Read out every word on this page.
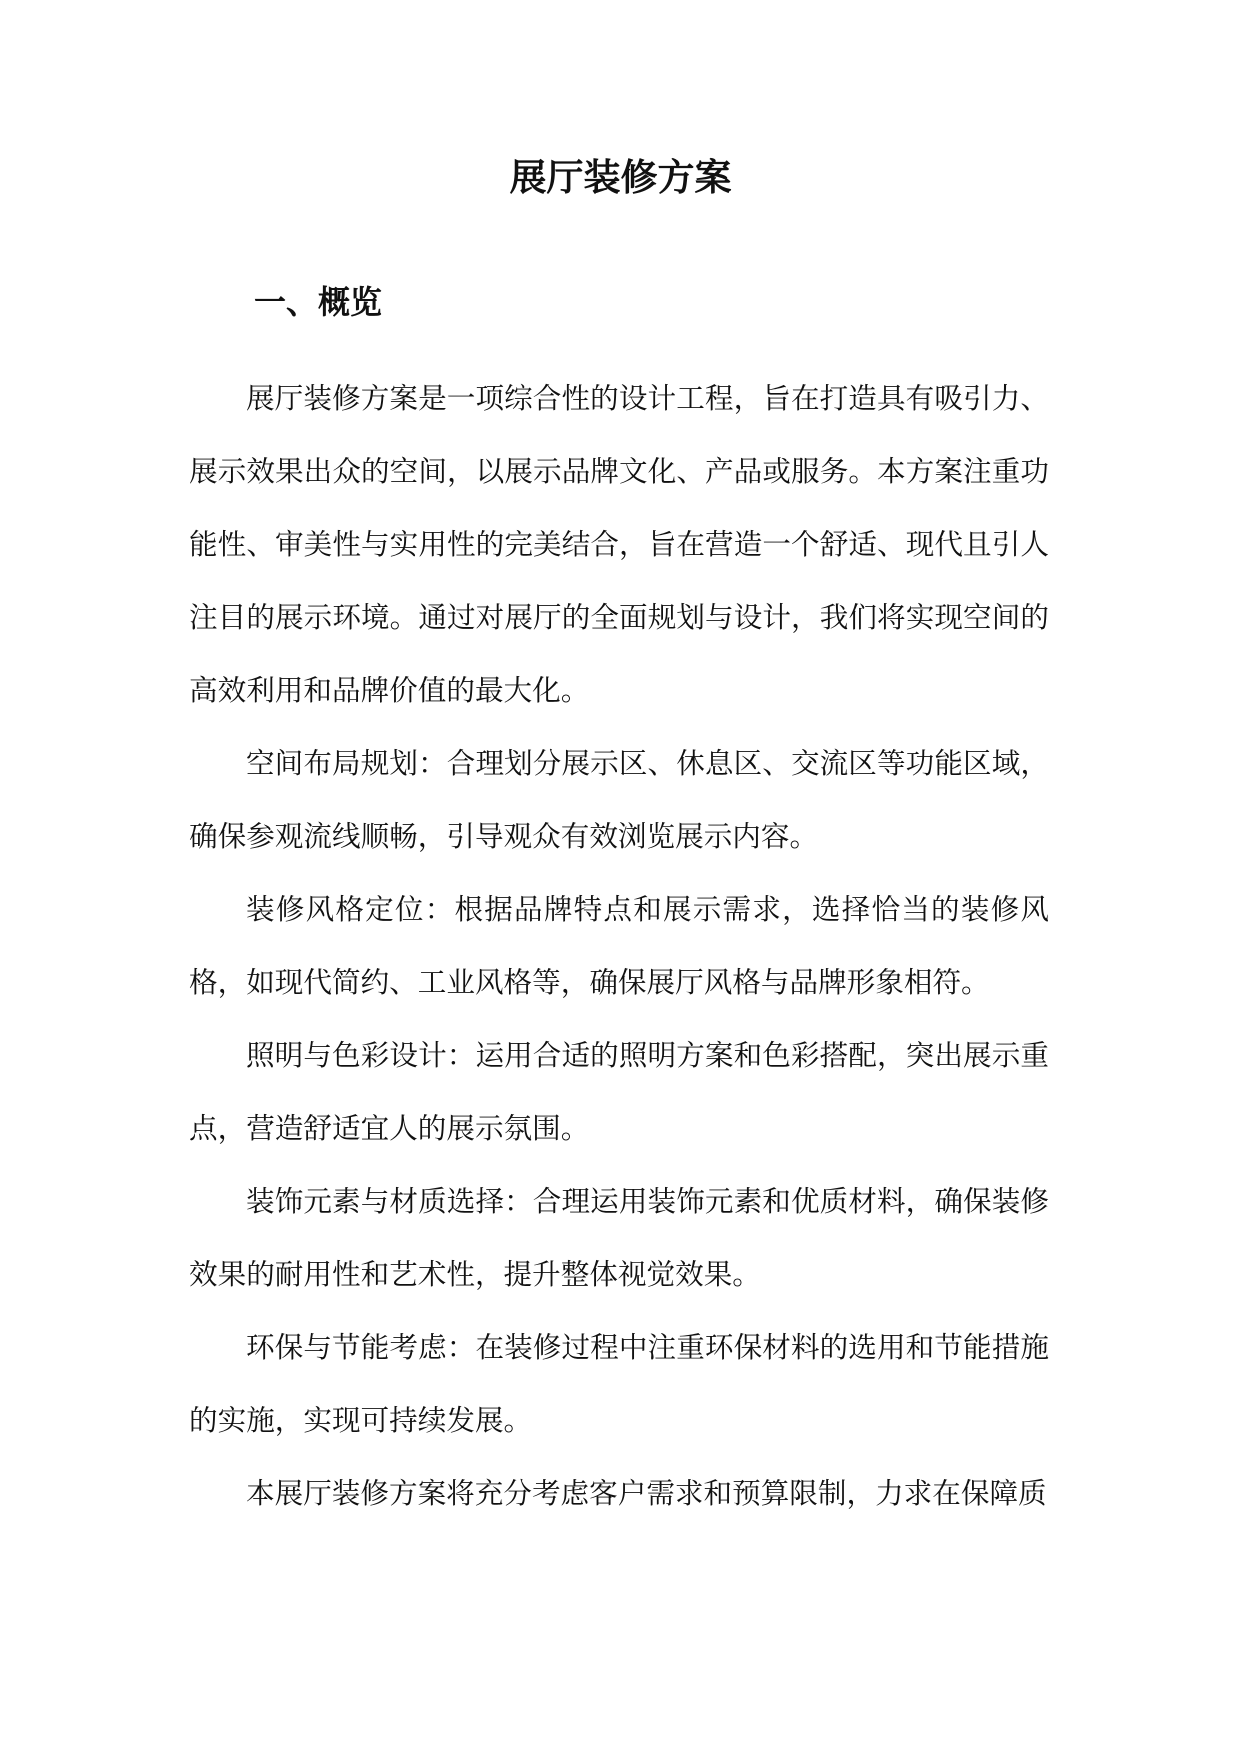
展厅装修方案
一、概览

展厅装修方案是一项综合性的设计工程，旨在打造具有吸引力、展示效果出众的空间，以展示品牌文化、产品或服务。本方案注重功能性、审美性与实用性的完美结合，旨在营造一个舒适、现代且引人注目的展示环境。通过对展厅的全面规划与设计，我们将实现空间的高效利用和品牌价值的最大化。

空间布局规划：合理划分展示区、休息区、交流区等功能区域，确保参观流线顺畅，引导观众有效浏览展示内容。

装修风格定位：根据品牌特点和展示需求，选择恰当的装修风格，如现代简约、工业风格等，确保展厅风格与品牌形象相符。

照明与色彩设计：运用合适的照明方案和色彩搭配，突出展示重点，营造舒适宜人的展示氛围。

装饰元素与材质选择：合理运用装饰元素和优质材料，确保装修效果的耐用性和艺术性，提升整体视觉效果。

环保与节能考虑：在装修过程中注重环保材料的选用和节能措施的实施，实现可持续发展。

本展厅装修方案将充分考虑客户需求和预算限制，力求在保障质
